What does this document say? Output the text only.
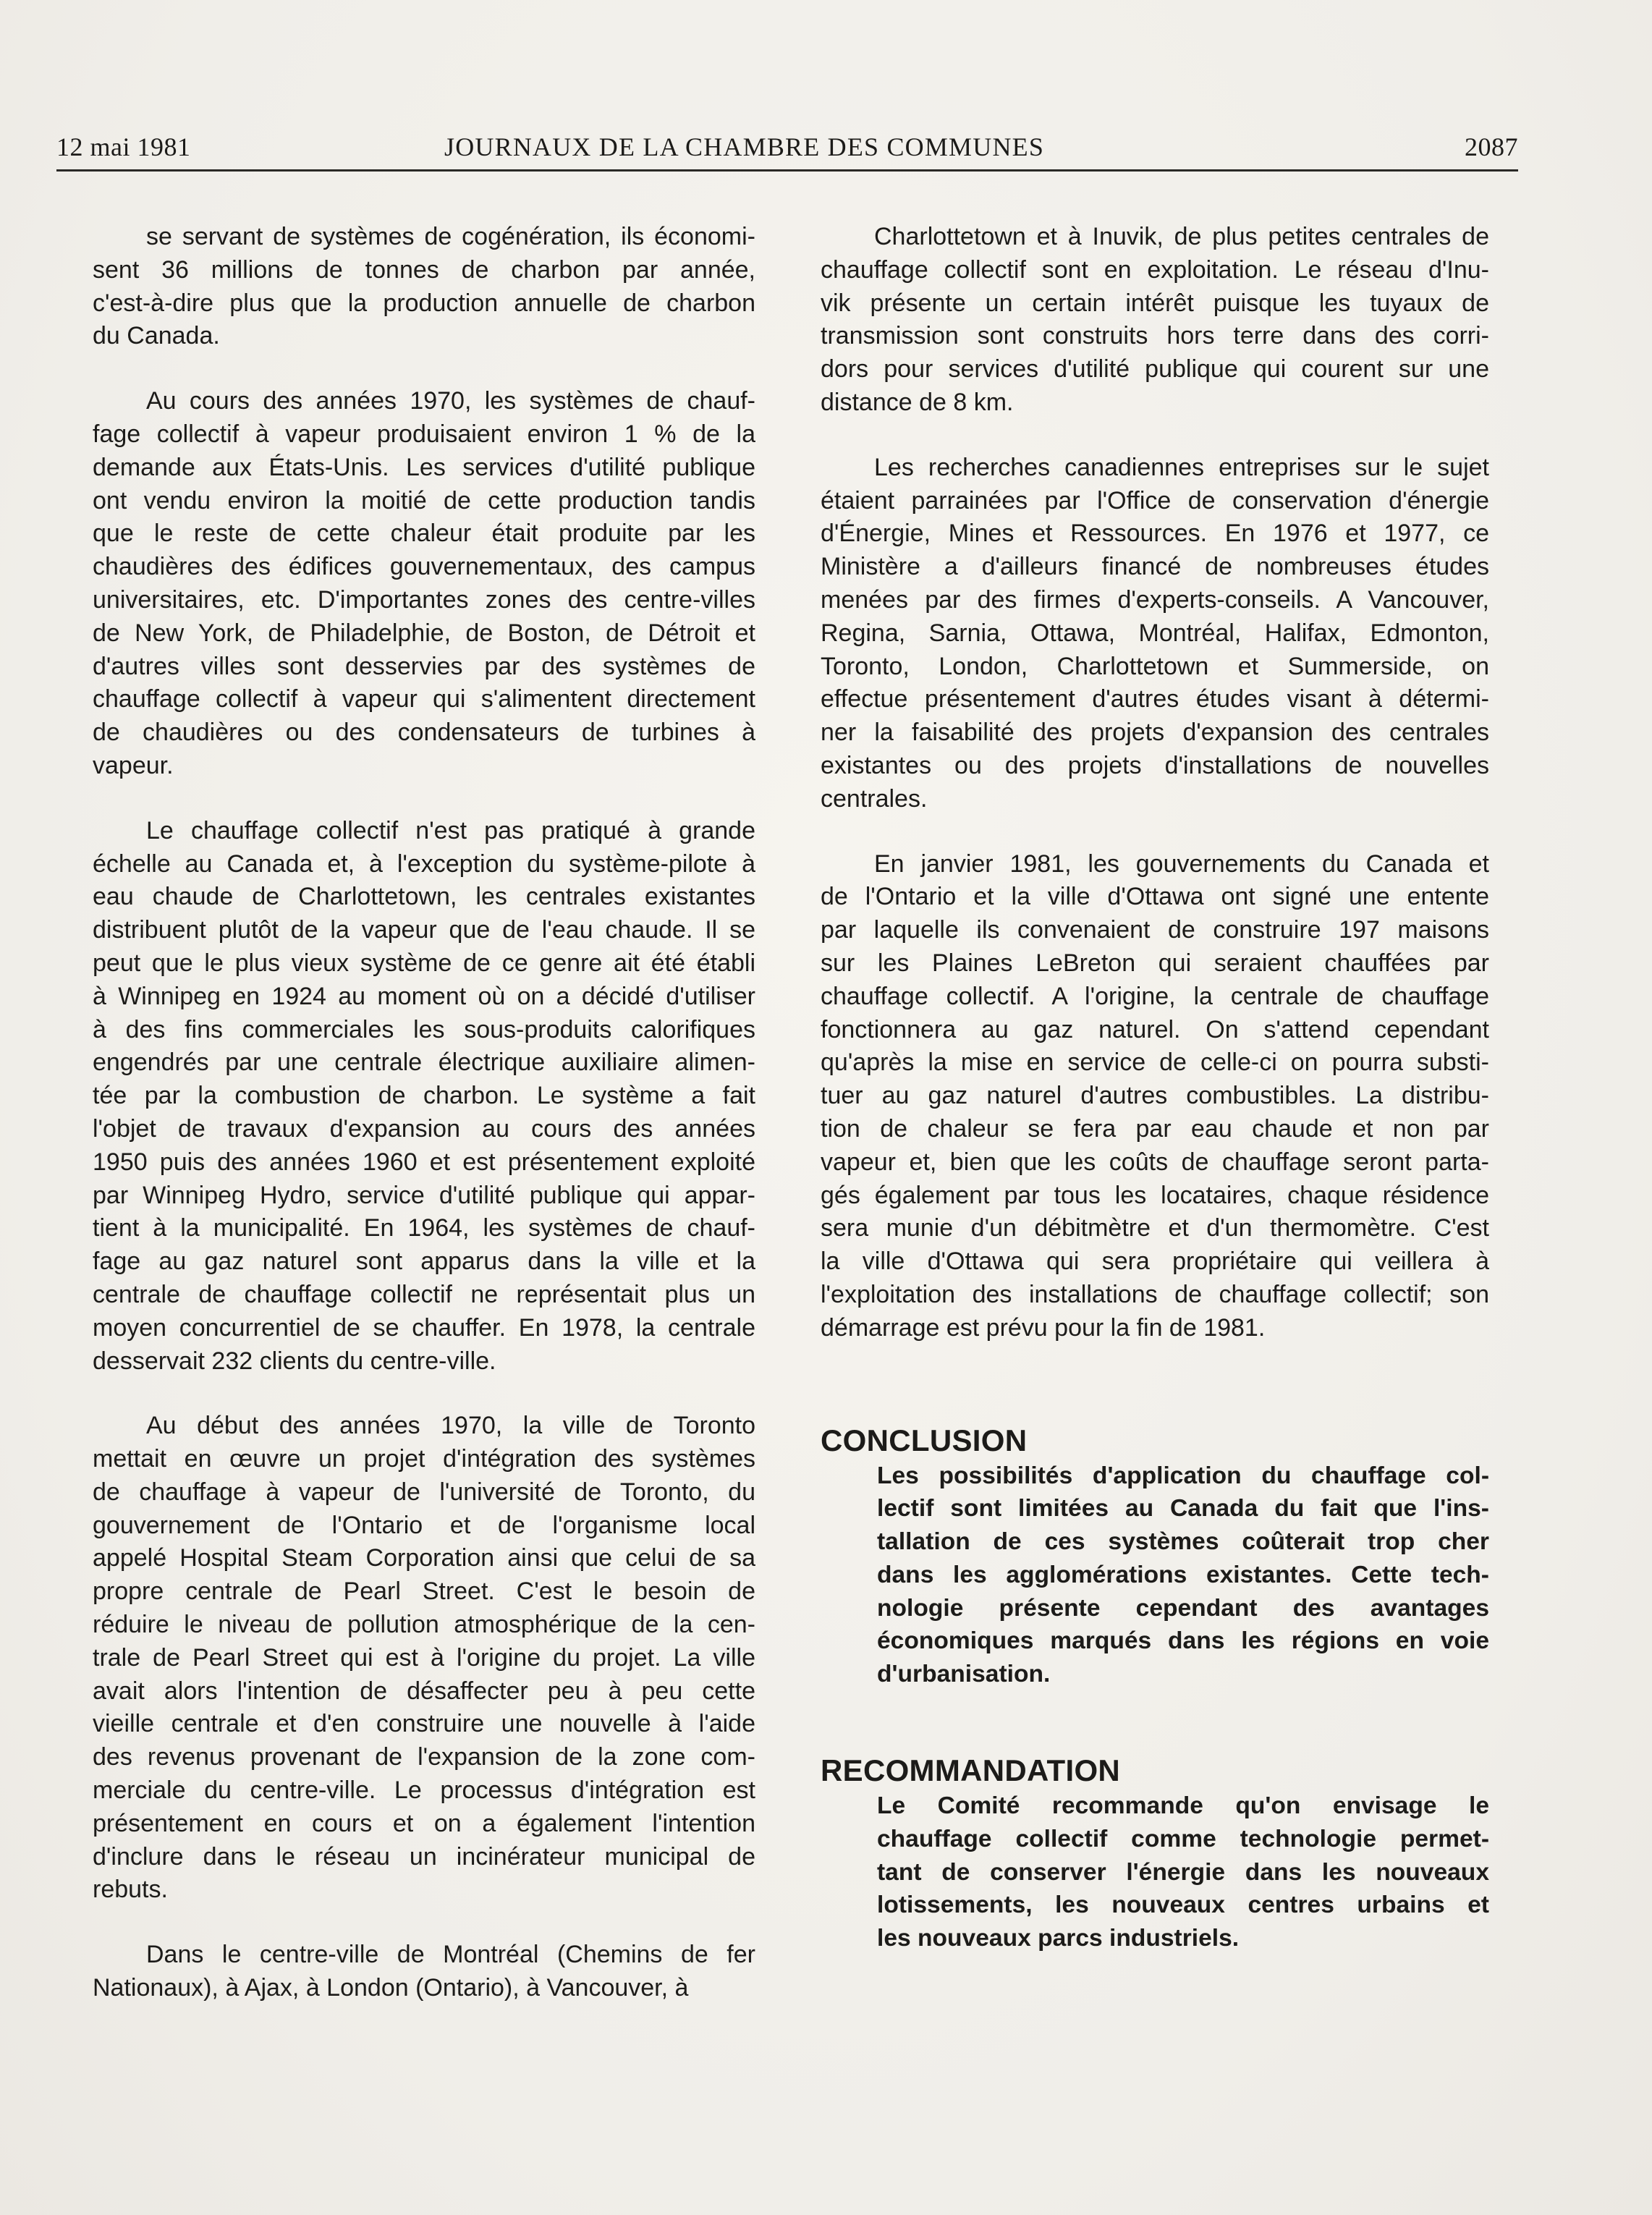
12 mai 1981	JOURNAUX DE LA CHAMBRE DES COMMUNES	2087
se servant de systèmes de cogénération, ils économi-
sent 36 millions de tonnes de charbon par année,
c'est-à-dire plus que la production annuelle de charbon
du Canada.
Au cours des années 1970, les systèmes de chauf-
fage collectif à vapeur produisaient environ 1 % de la
demande aux États-Unis. Les services d'utilité publique
ont vendu environ la moitié de cette production tandis
que le reste de cette chaleur était produite par les
chaudières des édifices gouvernementaux, des campus
universitaires, etc. D'importantes zones des centre-villes
de New York, de Philadelphie, de Boston, de Détroit et
d'autres villes sont desservies par des systèmes de
chauffage collectif à vapeur qui s'alimentent directement
de chaudières ou des condensateurs de turbines à
vapeur.
Le chauffage collectif n'est pas pratiqué à grande
échelle au Canada et, à l'exception du système-pilote à
eau chaude de Charlottetown, les centrales existantes
distribuent plutôt de la vapeur que de l'eau chaude. Il se
peut que le plus vieux système de ce genre ait été établi
à Winnipeg en 1924 au moment où on a décidé d'utiliser
à des fins commerciales les sous-produits calorifiques
engendrés par une centrale électrique auxiliaire alimen-
tée par la combustion de charbon. Le système a fait
l'objet de travaux d'expansion au cours des années
1950 puis des années 1960 et est présentement exploité
par Winnipeg Hydro, service d'utilité publique qui appar-
tient à la municipalité. En 1964, les systèmes de chauf-
fage au gaz naturel sont apparus dans la ville et la
centrale de chauffage collectif ne représentait plus un
moyen concurrentiel de se chauffer. En 1978, la centrale
desservait 232 clients du centre-ville.
Au début des années 1970, la ville de Toronto
mettait en œuvre un projet d'intégration des systèmes
de chauffage à vapeur de l'université de Toronto, du
gouvernement de l'Ontario et de l'organisme local
appelé Hospital Steam Corporation ainsi que celui de sa
propre centrale de Pearl Street. C'est le besoin de
réduire le niveau de pollution atmosphérique de la cen-
trale de Pearl Street qui est à l'origine du projet. La ville
avait alors l'intention de désaffecter peu à peu cette
vieille centrale et d'en construire une nouvelle à l'aide
des revenus provenant de l'expansion de la zone com-
merciale du centre-ville. Le processus d'intégration est
présentement en cours et on a également l'intention
d'inclure dans le réseau un incinérateur municipal de
rebuts.
Dans le centre-ville de Montréal (Chemins de fer
Nationaux), à Ajax, à London (Ontario), à Vancouver, à
Charlottetown et à Inuvik, de plus petites centrales de
chauffage collectif sont en exploitation. Le réseau d'Inu-
vik présente un certain intérêt puisque les tuyaux de
transmission sont construits hors terre dans des corri-
dors pour services d'utilité publique qui courent sur une
distance de 8 km.
Les recherches canadiennes entreprises sur le sujet
étaient parrainées par l'Office de conservation d'énergie
d'Énergie, Mines et Ressources. En 1976 et 1977, ce
Ministère a d'ailleurs financé de nombreuses études
menées par des firmes d'experts-conseils. A Vancouver,
Regina, Sarnia, Ottawa, Montréal, Halifax, Edmonton,
Toronto, London, Charlottetown et Summerside, on
effectue présentement d'autres études visant à détermi-
ner la faisabilité des projets d'expansion des centrales
existantes ou des projets d'installations de nouvelles
centrales.
En janvier 1981, les gouvernements du Canada et
de l'Ontario et la ville d'Ottawa ont signé une entente
par laquelle ils convenaient de construire 197 maisons
sur les Plaines LeBreton qui seraient chauffées par
chauffage collectif. A l'origine, la centrale de chauffage
fonctionnera au gaz naturel. On s'attend cependant
qu'après la mise en service de celle-ci on pourra substi-
tuer au gaz naturel d'autres combustibles. La distribu-
tion de chaleur se fera par eau chaude et non par
vapeur et, bien que les coûts de chauffage seront parta-
gés également par tous les locataires, chaque résidence
sera munie d'un débitmètre et d'un thermomètre. C'est
la ville d'Ottawa qui sera propriétaire qui veillera à
l'exploitation des installations de chauffage collectif; son
démarrage est prévu pour la fin de 1981.
CONCLUSION
Les possibilités d'application du chauffage col-
lectif sont limitées au Canada du fait que l'ins-
tallation de ces systèmes coûterait trop cher
dans les agglomérations existantes. Cette tech-
nologie présente cependant des avantages
économiques marqués dans les régions en voie
d'urbanisation.
RECOMMANDATION
Le Comité recommande qu'on envisage le
chauffage collectif comme technologie permet-
tant de conserver l'énergie dans les nouveaux
lotissements, les nouveaux centres urbains et
les nouveaux parcs industriels.
